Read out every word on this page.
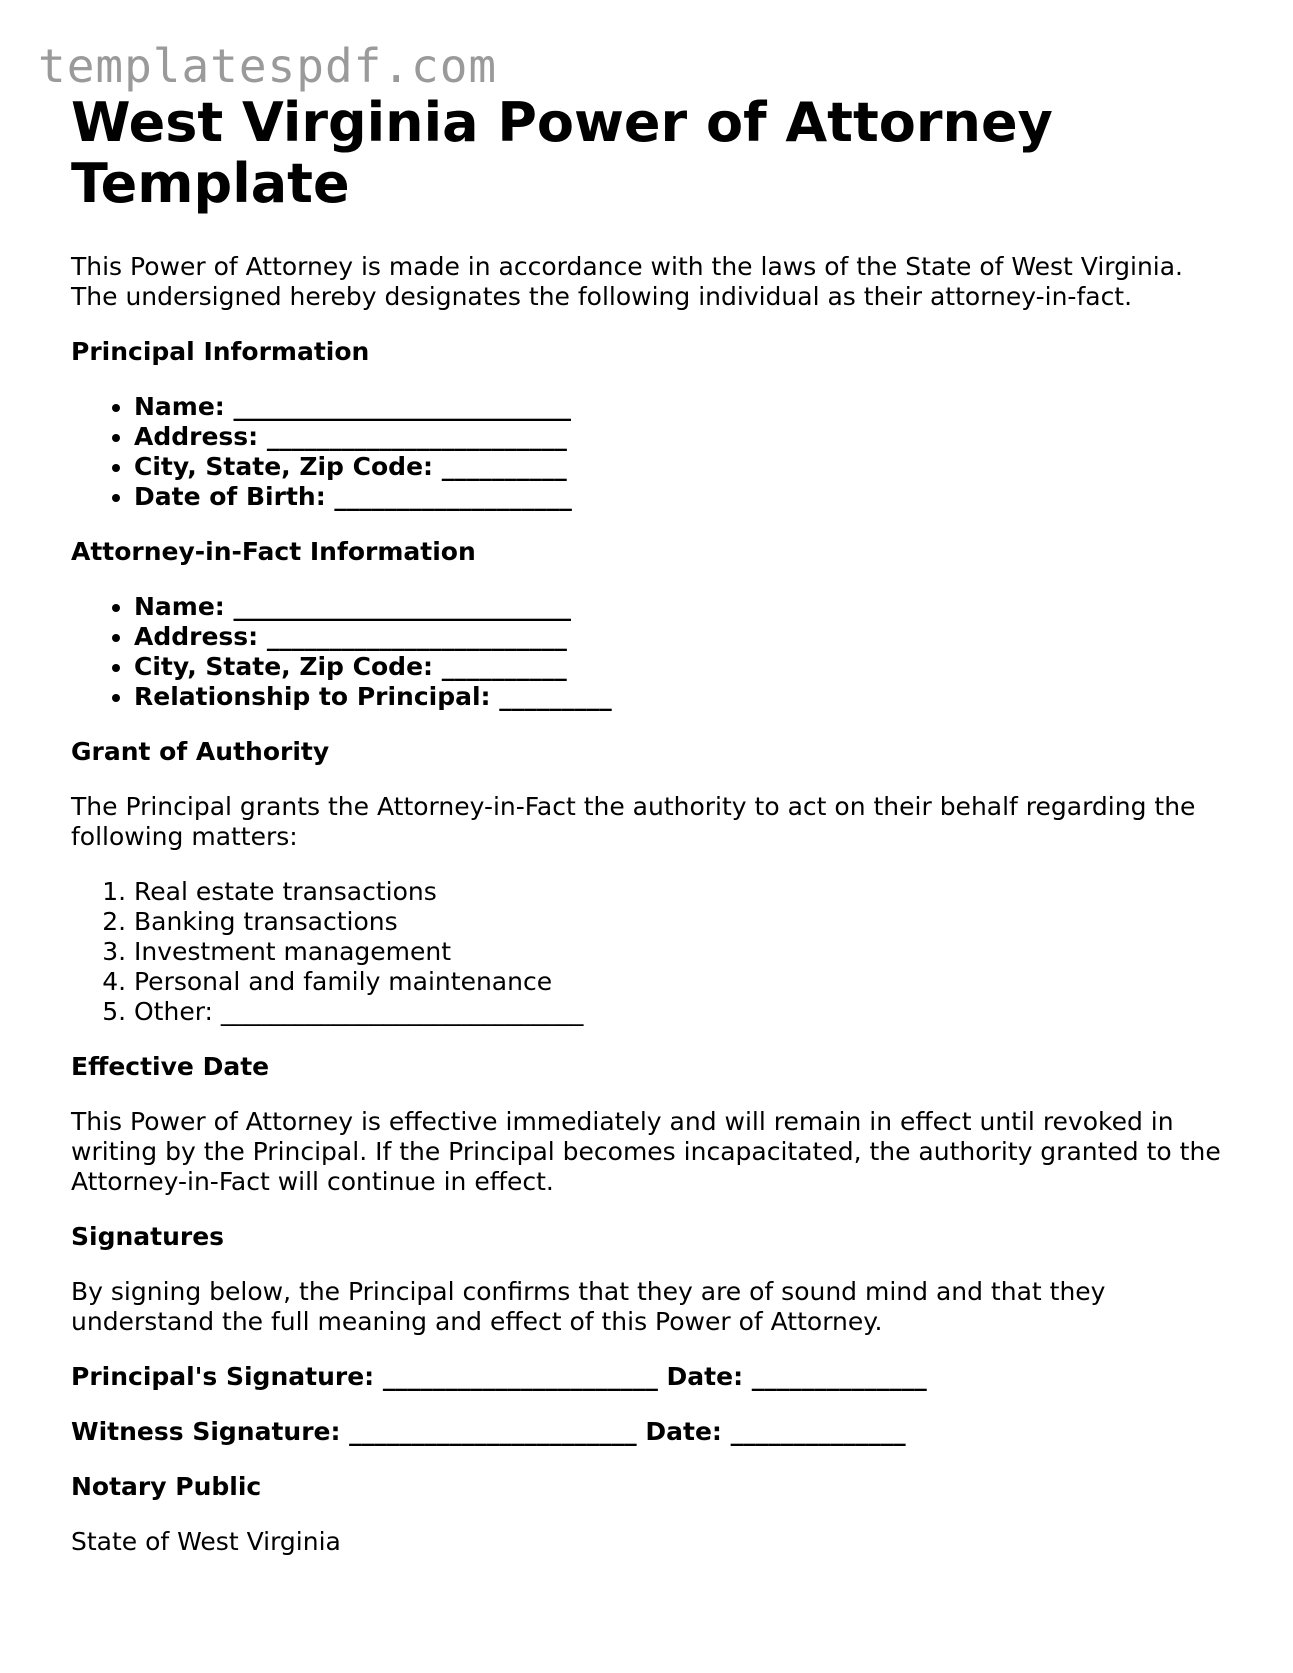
templatespdf.com
West Virginia Power of Attorney Template

This Power of Attorney is made in accordance with the laws of the State of West Virginia. The undersigned hereby designates the following individual as their attorney-in-fact.

Principal Information
• Name: ___________________________
• Address: ________________________
• City, State, Zip Code: __________
• Date of Birth: ___________________
Attorney-in-Fact Information
• Name: ___________________________
• Address: ________________________
• City, State, Zip Code: __________
• Relationship to Principal: _________
Grant of Authority

The Principal grants the Attorney-in-Fact the authority to act on their behalf regarding the following matters:

1. Real estate transactions
2. Banking transactions
3. Investment management
4. Personal and family maintenance
5. Other: _____________________________
Effective Date

This Power of Attorney is effective immediately and will remain in effect until revoked in writing by the Principal. If the Principal becomes incapacitated, the authority granted to the Attorney-in-Fact will continue in effect.

Signatures

By signing below, the Principal confirms that they are of sound mind and that they understand the full meaning and effect of this Power of Attorney.

Principal's Signature: ______________________ Date: ______________

Witness Signature: _______________________ Date: ______________

Notary Public

State of West Virginia
